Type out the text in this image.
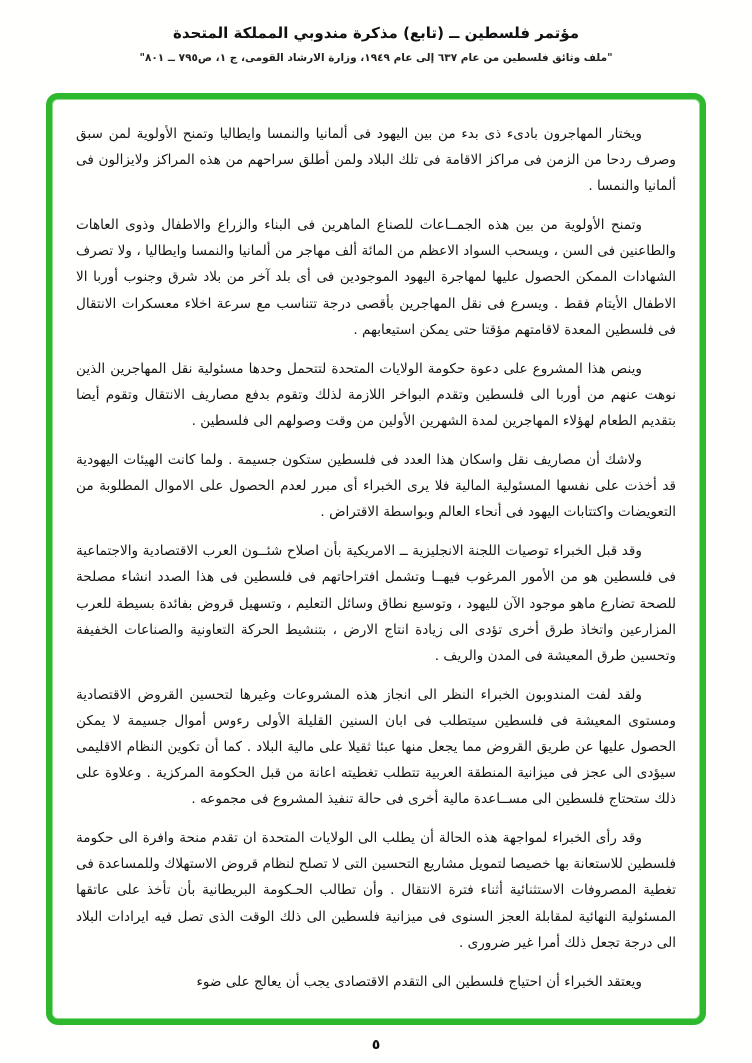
مؤتمر فلسطين ــ (تابع) مذكرة مندوبي المملكة المتحدة
"ملف وثائق فلسطين من عام ٦٣٧ إلى عام ١٩٤٩، وزارة الارشاد القومى، ج ١، ص٧٩٥ ــ ٨٠١"

ويختار المهاجرون بادىء ذى بدء من بين اليهود فى ألمانيا والنمسا وايطاليا وتمنح الأولوية لمن سبق وصرف ردحا من الزمن فى مراكز الاقامة فى تلك البلاد ولمن أطلق سراحهم من هذه المراكز ولايزالون فى ألمانيا والنمسا .

وتمنح الأولوية من بين هذه الجمــاعات للصناع الماهرين فى البناء والزراع والاطفال وذوى العاهات والطاعنين فى السن ، ويسحب السواد الاعظم من المائة ألف مهاجر من ألمانيا والنمسا وايطاليا ، ولا تصرف الشهادات الممكن الحصول عليها لمهاجرة اليهود الموجودين فى أى بلد آخر من بلاد شرق وجنوب أوربا الا الاطفال الأيتام فقط . ويسرع فى نقل المهاجرين بأقصى درجة تتناسب مع سرعة اخلاء معسكرات الانتقال فى فلسطين المعدة لاقامتهم مؤقتا حتى يمكن استيعابهم .

وينص هذا المشروع على دعوة حكومة الولايات المتحدة لتتحمل وحدها مسئولية نقل المهاجرين الذين نوهت عنهم من أوربا الى فلسطين وتقدم البواخر اللازمة لذلك وتقوم بدفع مصاريف الانتقال وتقوم أيضا بتقديم الطعام لهؤلاء المهاجرين لمدة الشهرين الأولين من وقت وصولهم الى فلسطين .

ولاشك أن مصاريف نقل واسكان هذا العدد فى فلسطين ستكون جسيمة . ولما كانت الهيئات اليهودية قد أخذت على نفسها المسئولية المالية فلا يرى الخبراء أى مبرر لعدم الحصول على الاموال المطلوبة من التعويضات واكتتابات اليهود فى أنحاء العالم وبواسطة الاقتراض .

وقد قبل الخبراء توصيات اللجنة الانجليزية ــ الامريكية بأن اصلاح شئــون العرب الاقتصادية والاجتماعية فى فلسطين هو من الأمور المرغوب فيهــا وتشمل افتراحاتهم فى فلسطين فى هذا الصدد انشاء مصلحة للصحة تضارع ماهو موجود الآن لليهود ، وتوسيع نطاق وسائل التعليم ، وتسهيل قروض بفائدة بسيطة للعرب المزارعين واتخاذ طرق أخرى تؤدى الى زيادة انتاج الارض ، بتنشيط الحركة التعاونية والصناعات الخفيفة وتحسين طرق المعيشة فى المدن والريف .

ولقد لفت المندوبون الخبراء النظر الى انجاز هذه المشروعات وغيرها لتحسين القروض الاقتصادية ومستوى المعيشة فى فلسطين سيتطلب فى ابان السنين القليلة الأولى رءوس أموال جسيمة لا يمكن الحصول عليها عن طريق القروض مما يجعل منها عبئا ثقيلا على مالية البلاد . كما أن تكوين النظام الاقليمى سيؤدى الى عجز فى ميزانية المنطقة العربية تتطلب تغطيته اعانة من قبل الحكومة المركزية . وعلاوة على ذلك ستحتاج فلسطين الى مســاعدة مالية أخرى فى حالة تنفيذ المشروع فى مجموعه .

وقد رأى الخبراء لمواجهة هذه الحالة أن يطلب الى الولايات المتحدة ان تقدم منحة وافرة الى حكومة فلسطين للاستعانة بها خصيصا لتمويل مشاريع التحسين التى لا تصلح لنظام قروض الاستهلاك وللمساعدة فى تغطية المصروفات الاستثنائية أثناء فترة الانتقال . وأن تطالب الحـكومة البريطانية بأن تأخذ على عاتقها المسئولية النهائية لمقابلة العجز السنوى فى ميزانية فلسطين الى ذلك الوقت الذى تصل فيه ايرادات البلاد الى درجة تجعل ذلك أمرا غير ضرورى .

ويعتقد الخبراء أن احتياج فلسطين الى التقدم الاقتصادى يجب أن يعالج على ضوء

٥
